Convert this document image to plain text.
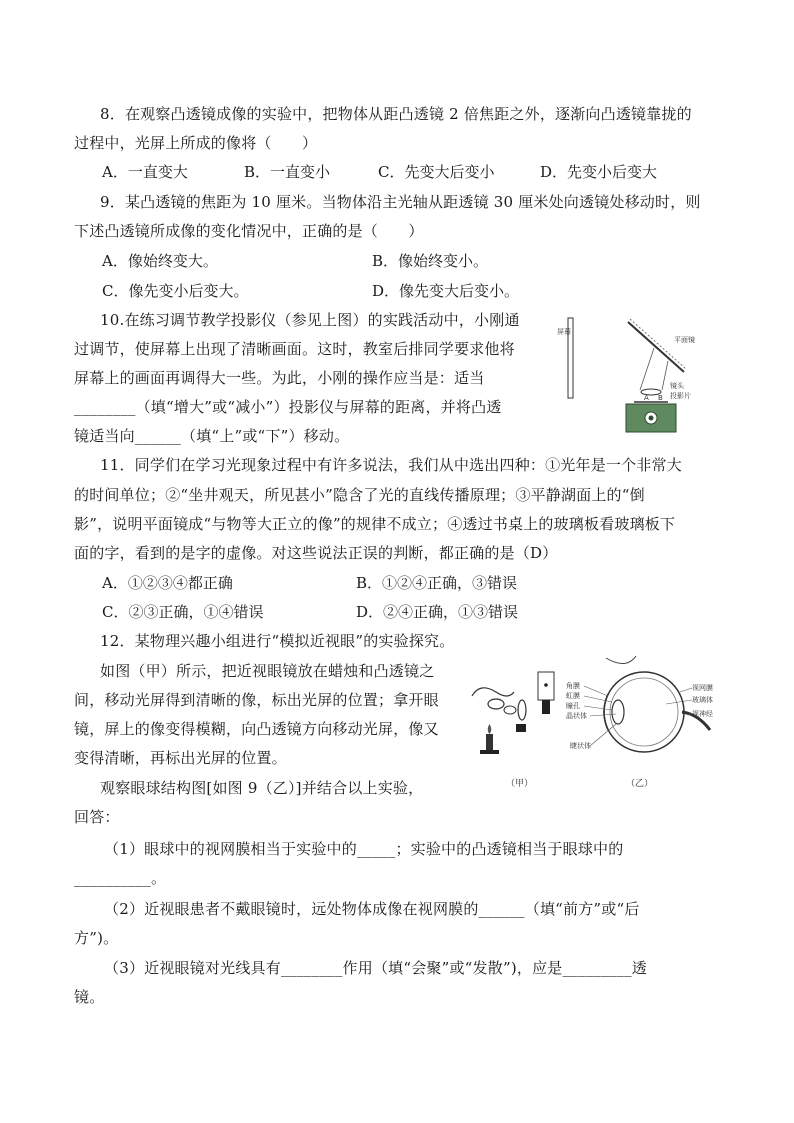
8．在观察凸透镜成像的实验中，把物体从距凸透镜 2 倍焦距之外，逐渐向凸透镜靠拢的
过程中，光屏上所成的像将（　　）
A．一直变大	B．一直变小	C．先变大后变小	D．先变小后变大
9．某凸透镜的焦距为 10 厘米。当物体沿主光轴从距透镜 30 厘米处向透镜处移动时，则
下述凸透镜所成像的变化情况中，正确的是（　　）
A．像始终变大。	B．像始终变小。
C．像先变小后变大。	D．像先变大后变小。
10.在练习调节教学投影仪（参见上图）的实践活动中，小刚通
过调节，使屏幕上出现了清晰画面。这时，教室后排同学要求他将
屏幕上的画面再调得大一些。为此，小刚的操作应当是：适当
________（填“增大”或“减小”）投影仪与屏幕的距离，并将凸透
镜适当向______（填“上”或“下”）移动。
屏幕
平面镜
镜头
投影片
A B
11．同学们在学习光现象过程中有许多说法，我们从中选出四种：①光年是一个非常大
的时间单位；②“坐井观天，所见甚小”隐含了光的直线传播原理；③平静湖面上的“倒
影”，说明平面镜成“与物等大正立的像”的规律不成立；④透过书桌上的玻璃板看玻璃板下
面的字，看到的是字的虚像。对这些说法正误的判断，都正确的是（D）
A．①②③④都正确	B．①②④正确，③错误
C．②③正确，①④错误	D．②④正确，①③错误
12．某物理兴趣小组进行“模拟近视眼”的实验探究。
如图（甲）所示，把近视眼镜放在蜡烛和凸透镜之
间，移动光屏得到清晰的像，标出光屏的位置；拿开眼
镜，屏上的像变得模糊，向凸透镜方向移动光屏，像又
变得清晰，再标出光屏的位置。
观察眼球结构图[如图 9（乙）]并结合以上实验，
回答：
（甲）
角膜
虹膜
瞳孔
晶状体
睫状体
视网膜
玻璃体
视神经
（乙）
（1）眼球中的视网膜相当于实验中的_____；实验中的凸透镜相当于眼球中的
__________。
（2）近视眼患者不戴眼镜时，远处物体成像在视网膜的______（填“前方”或“后
方”)。
（3）近视眼镜对光线具有________作用（填“会聚”或“发散”)，应是_________透
镜。
